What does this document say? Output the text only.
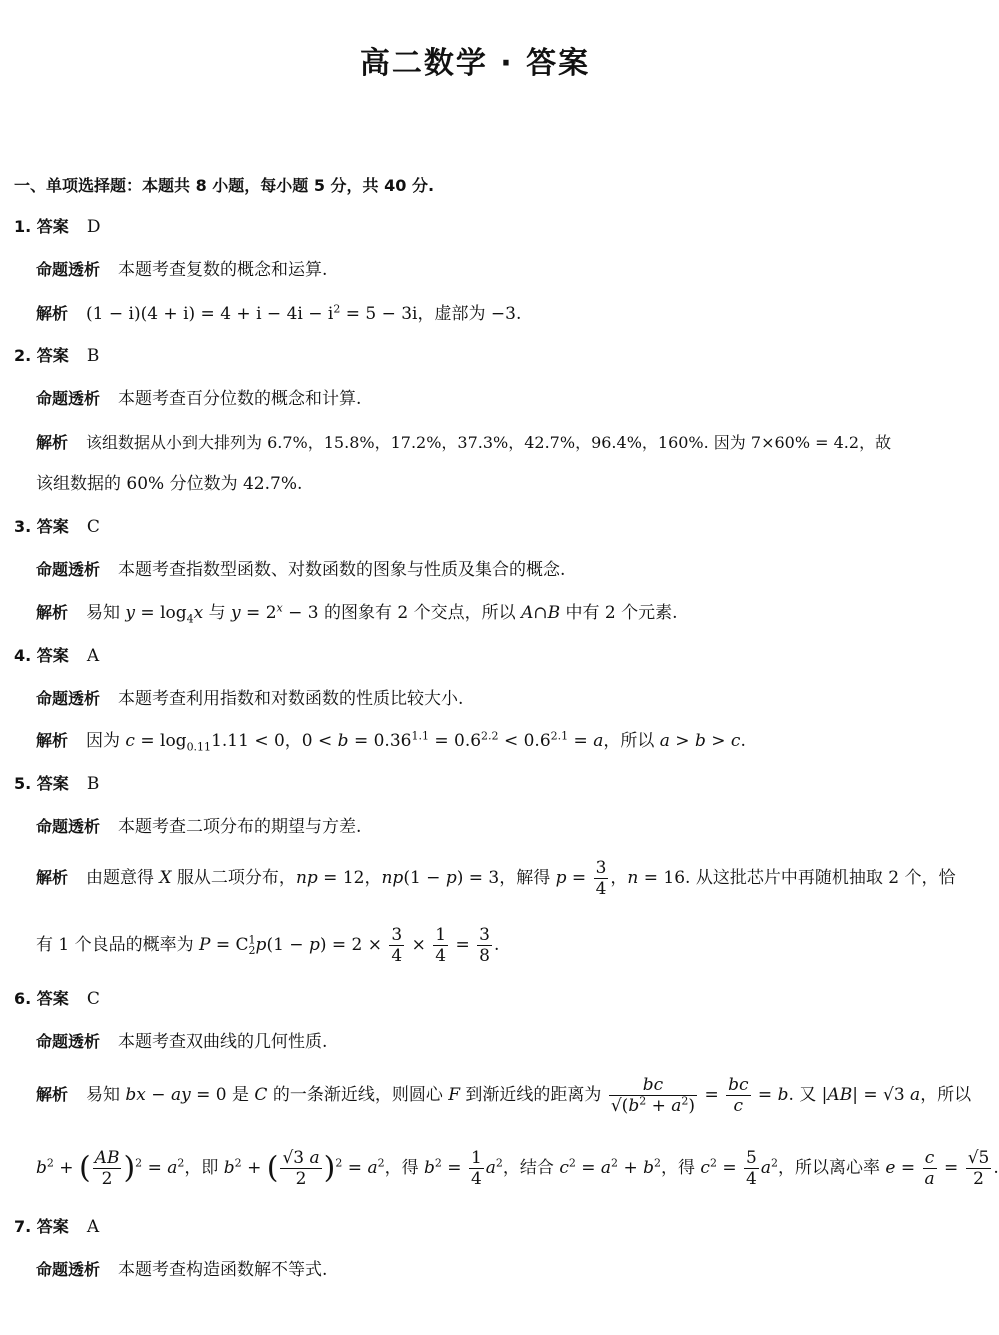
高二数学 · 答案
一、单项选择题：本题共 8 小题，每小题 5 分，共 40 分.
1. 答案 D
命题透析 本题考查复数的概念和运算.
解析 $(1 - i)(4 + i) = 4 + i - 4i - i^2 = 5 - 3i$，虚部为 −3.
2. 答案 B
命题透析 本题考查百分位数的概念和计算.
解析 该组数据从小到大排列为 6.7%，15.8%，17.2%，37.3%，42.7%，96.4%，160%. 因为 7×60% = 4.2，故
该组数据的 60% 分位数为 42.7%.
3. 答案 C
命题透析 本题考查指数型函数、对数函数的图象与性质及集合的概念.
解析 易知 $y = \log_4x$ 与 $y = 2^x - 3$ 的图象有 2 个交点，所以 A∩B 中有 2 个元素.
4. 答案 A
命题透析 本题考查利用指数和对数函数的性质比较大小.
解析 因为 $c = \log_{0.11}1.11 < 0$，$0 < b = 0.36^{1.1} = 0.6^{2.2} < 0.6^{2.1} = a$，所以 a > b > c.
5. 答案 B
命题透析 本题考查二项分布的期望与方差.
解析 由题意得 X 服从二项分布，np = 12，np(1 − p) = 3，解得 $p = \frac{3}{4}$ ，n = 16. 从这批芯片中再随机抽取 2 个，恰
有 1 个良品的概率为 $P = C^1_2p(1 - p) = 2 \times \frac{3}{4} \times \frac{1}{4} = \frac{3}{8}$ .
6. 答案 C
命题透析 本题考查双曲线的几何性质.
解析 易知 bx − ay = 0 是 C 的一条渐近线，则圆心 F 到渐近线的距离为 $\frac{bc}{√(b^2 + a^2)} = \frac{bc}{c} = b$. 又 |AB| = √3 a，所以
$b^2$ + ( $\frac{AB}{2} )^2 = a^2$，即 $b^2$ + ( $\frac{√3 a}{2} )^2 = a^2$，得 $b^2 = \frac{1}{4} a^2$，结合 $c^2 = a^2 + b^2$，得 $c^2 = \frac{5}{4} a^2$，所以离心率 $e = \frac{c}{a} = \frac{√5}{2}$ .
7. 答案 A
命题透析 本题考查构造函数解不等式.
